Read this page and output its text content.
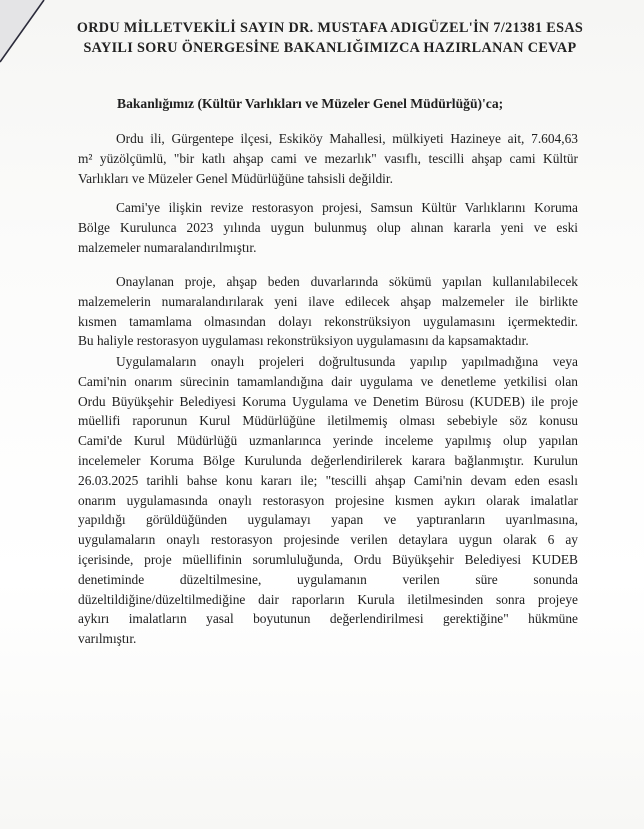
ORDU MİLLETVEKİLİ SAYIN DR. MUSTAFA ADIGÜZEL'İN 7/21381 ESAS
SAYILI SORU ÖNERGESİNE BAKANLIĞIMIZCA HAZIRLANAN CEVAP
Bakanlığımız (Kültür Varlıkları ve Müzeler Genel Müdürlüğü)'ca;
Ordu ili, Gürgentepe ilçesi, Eskiköy Mahallesi, mülkiyeti Hazineye ait, 7.604,63
m² yüzölçümlü, "bir katlı ahşap cami ve mezarlık" vasıflı, tescilli ahşap cami Kültür
Varlıkları ve Müzeler Genel Müdürlüğüne tahsisli değildir.
Cami'ye ilişkin revize restorasyon projesi, Samsun Kültür Varlıklarını Koruma
Bölge Kurulunca 2023 yılında uygun bulunmuş olup alınan kararla yeni ve eski
malzemeler numaralandırılmıştır.
Onaylanan proje, ahşap beden duvarlarında sökümü yapılan kullanılabilecek
malzemelerin numaralandırılarak yeni ilave edilecek ahşap malzemeler ile birlikte
kısmen tamamlama olmasından dolayı rekonstrüksiyon uygulamasını içermektedir.
Bu haliyle restorasyon uygulaması rekonstrüksiyon uygulamasını da kapsamaktadır.
Uygulamaların onaylı projeleri doğrultusunda yapılıp yapılmadığına veya
Cami'nin onarım sürecinin tamamlandığına dair uygulama ve denetleme yetkilisi olan
Ordu Büyükşehir Belediyesi Koruma Uygulama ve Denetim Bürosu (KUDEB) ile proje
müellifi raporunun Kurul Müdürlüğüne iletilmemiş olması sebebiyle söz konusu
Cami'de Kurul Müdürlüğü uzmanlarınca yerinde inceleme yapılmış olup yapılan
incelemeler Koruma Bölge Kurulunda değerlendirilerek karara bağlanmıştır. Kurulun
26.03.2025 tarihli bahse konu kararı ile; "tescilli ahşap Cami'nin devam eden esaslı
onarım uygulamasında onaylı restorasyon projesine kısmen aykırı olarak imalatlar
yapıldığı görüldüğünden uygulamayı yapan ve yaptıranların uyarılmasına,
uygulamaların onaylı restorasyon projesinde verilen detaylara uygun olarak 6 ay
içerisinde, proje müellifinin sorumluluğunda, Ordu Büyükşehir Belediyesi KUDEB
denetiminde düzeltilmesine, uygulamanın verilen süre sonunda
düzeltildiğine/düzeltilmediğine dair raporların Kurula iletilmesinden sonra projeye
aykırı imalatların yasal boyutunun değerlendirilmesi gerektiğine" hükmüne
varılmıştır.
